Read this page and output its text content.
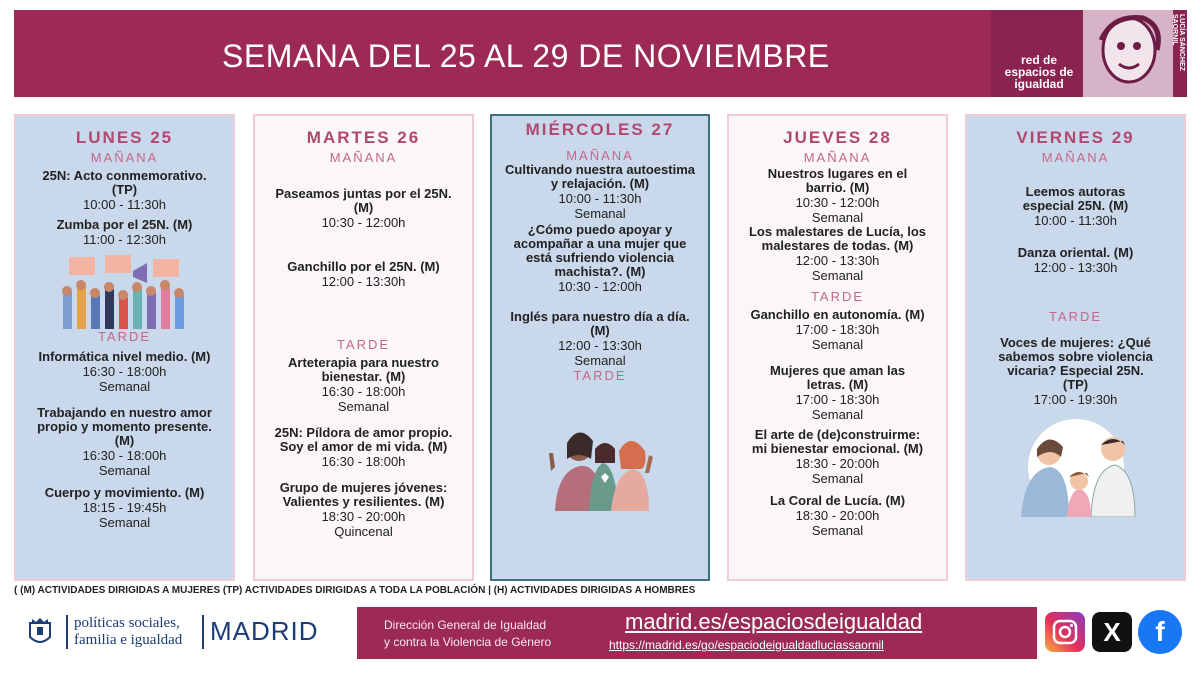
SEMANA DEL 25 AL 29 DE NOVIEMBRE	red de
espacios de
igualdad
LUCÍA SÁNCHEZ SAORNIL
LUNES 25
MAÑANA
25N: Acto conmemorativo.
(TP)
10:00 - 11:30h
Zumba por el 25N. (M)
11:00 - 12:30h
TARDE
Informática nivel medio. (M)
16:30 - 18:00h
Semanal
Trabajando en nuestro amor
propio y momento presente.
(M)
16:30 - 18:00h
Semanal
Cuerpo y movimiento. (M)
18:15 - 19:45h
Semanal
MARTES 26
MAÑANA
Paseamos juntas por el 25N.
(M)
10:30 - 12:00h
Ganchillo por el 25N. (M)
12:00 - 13:30h
TARDE
Arteterapia para nuestro
bienestar. (M)
16:30 - 18:00h
Semanal
25N: Píldora de amor propio.
Soy el amor de mi vida. (M)
16:30 - 18:00h
Grupo de mujeres jóvenes:
Valientes y resilientes. (M)
18:30 - 20:00h
Quincenal
MIÉRCOLES 27
MAÑANA
Cultivando nuestra autoestima
y relajación. (M)
10:00 - 11:30h
Semanal
¿Cómo puedo apoyar y
acompañar a una mujer que
está sufriendo violencia
machista?. (M)
10:30 - 12:00h
Inglés para nuestro día a día.
(M)
12:00 - 13:30h
Semanal
TARDE
JUEVES 28
MAÑANA
Nuestros lugares en el
barrio. (M)
10:30 - 12:00h
Semanal
Los malestares de Lucía, los
malestares de todas. (M)
12:00 - 13:30h
Semanal
TARDE
Ganchillo en autonomía. (M)
17:00 - 18:30h
Semanal
Mujeres que aman las
letras. (M)
17:00 - 18:30h
Semanal
El arte de (de)construirme:
mi bienestar emocional. (M)
18:30 - 20:00h
Semanal
La Coral de Lucía. (M)
18:30 - 20:00h
Semanal
VIERNES 29
MAÑANA
Leemos autoras
especial 25N. (M)
10:00 - 11:30h
Danza oriental. (M)
12:00 - 13:30h
TARDE
Voces de mujeres: ¿Qué
sabemos sobre violencia
vicaria? Especial 25N.
(TP)
17:00 - 19:30h
( (M) ACTIVIDADES DIRIGIDAS A MUJERES (TP) ACTIVIDADES DIRIGIDAS A TODA LA POBLACIÓN | (H) ACTIVIDADES DIRIGIDAS A HOMBRES
políticas sociales,
familia e igualdad MADRID	Dirección General de Igualdad
y contra la Violencia de Género
madrid.es/espaciosdeigualdad
https://madrid.es/go/espaciodeigualdadluciassaornil	X	f
